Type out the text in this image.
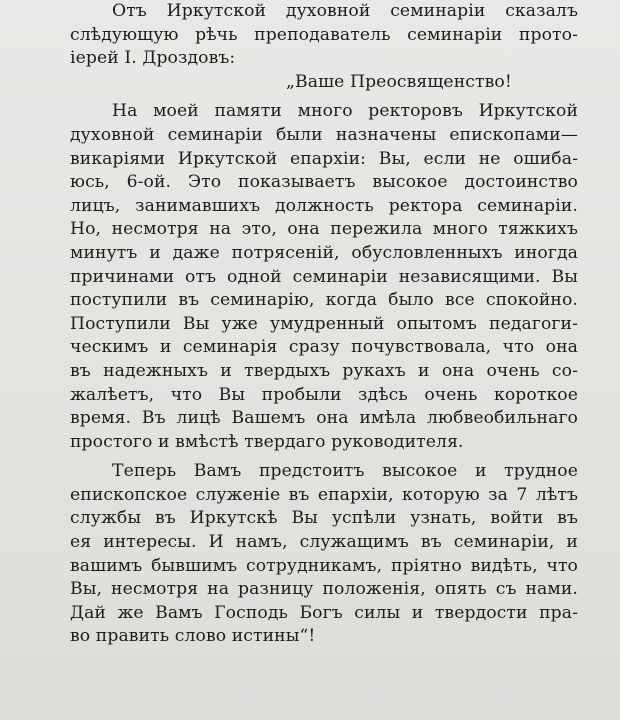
Отъ Иркутской духовной семинаріи сказалъ
слѣдующую рѣчь преподаватель семинаріи прото-
іерей І. Дроздовъ:
„Ваше Преосвященство!
На моей памяти много ректоровъ Иркутской
духовной семинаріи были назначены епископами—
викаріями Иркутской епархіи: Вы, если не ошиба-
юсь, 6-ой. Это показываетъ высокое достоинство
лицъ, занимавшихъ должность ректора семинаріи.
Но, несмотря на это, она пережила много тяжкихъ
минутъ и даже потрясеній, обусловленныхъ иногда
причинами отъ одной семинаріи независящими. Вы
поступили въ семинарію, когда было все спокойно.
Поступили Вы уже умудренный опытомъ педагоги-
ческимъ и семинарія сразу почувствовала, что она
въ надежныхъ и твердыхъ рукахъ и она очень со-
жалѣетъ, что Вы пробыли здѣсь очень короткое
время. Въ лицѣ Вашемъ она имѣла любвеобильнаго
простого и вмѣстѣ твердаго руководителя.
Теперь Вамъ предстоитъ высокое и трудное
епископское служеніе въ епархіи, которую за 7 лѣтъ
службы въ Иркутскѣ Вы успѣли узнать, войти въ
ея интересы. И намъ, служащимъ въ семинаріи, и
вашимъ бывшимъ сотрудникамъ, пріятно видѣть, что
Вы, несмотря на разницу положенія, опять съ нами.
Дай же Вамъ Господь Богъ силы и твердости пра-
во править слово истины“!
